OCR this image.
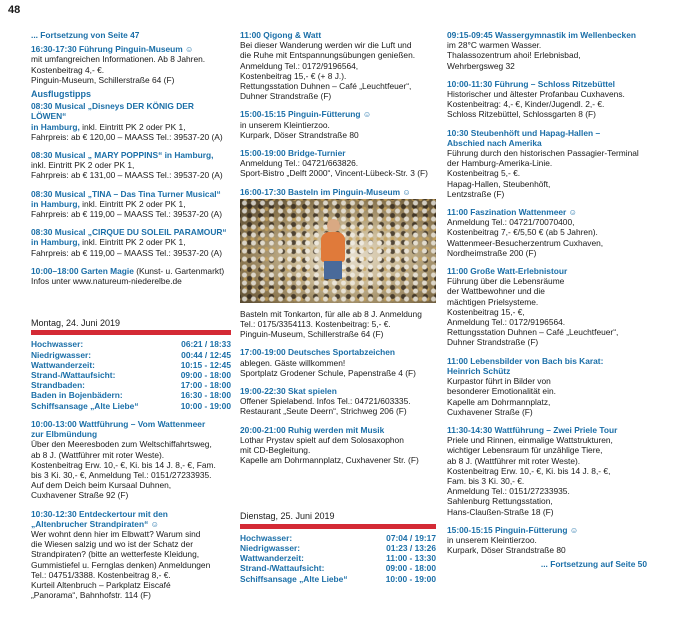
48
... Fortsetzung von Seite 47
16:30-17:30 Führung Pinguin-Museum ☺
mit umfangreichen Informationen. Ab 8 Jahren.
Kostenbeitrag 4,- €.
Pinguin-Museum, Schillerstraße 64 (F)
Ausflugstipps
08:30 Musical „Disneys DER KÖNIG DER LÖWEN“
in Hamburg, inkl. Eintritt PK 2 oder PK 1,
Fahrpreis: ab € 120,00 – MAASS Tel.: 39537-20 (A)
08:30 Musical „ MARY POPPINS“ in Hamburg,
inkl. Eintritt PK 2 oder PK 1,
Fahrpreis: ab € 131,00 – MAASS Tel.: 39537-20 (A)
08:30 Musical „TINA – Das Tina Turner Musical“
in Hamburg, inkl. Eintritt PK 2 oder PK 1,
Fahrpreis: ab € 119,00 – MAASS Tel.: 39537-20 (A)
08:30 Musical „CIRQUE DU SOLEIL PARAMOUR“
in Hamburg, inkl. Eintritt PK 2 oder PK 1,
Fahrpreis: ab € 119,00 – MAASS Tel.: 39537-20 (A)
10:00–18:00 Garten Magie (Kunst- u. Gartenmarkt)
Infos unter www.natureum-niederelbe.de
Montag, 24. Juni 2019
Hochwasser:	06:21 / 18:33
Niedrigwasser:	00:44 / 12:45
Wattwanderzeit:	10:15 - 12:45
Strand-/Wattaufsicht:	09:00 - 18:00
Strandbaden:	17:00 - 18:00
Baden in Bojenbädern:	16:30 - 18:00
Schiffsansage „Alte Liebe“	10:00 - 19:00
10:00-13:00 Wattführung – Vom Wattenmeer
zur Elbmündung
Über den Meeresboden zum Weltschiffahrtsweg,
ab 8 J. (Wattführer mit roter Weste).
Kostenbeitrag Erw. 10,- €, Ki. bis 14 J. 8,- €, Fam.
bis 3 Ki. 30,- €, Anmeldung Tel.: 0151/27233935.
Auf dem Deich beim Kursaal Duhnen,
Cuxhavener Straße 92 (F)
10:30-12:30 Entdeckertour mit den
„Altenbrucher Strandpiraten“ ☺
Wer wohnt denn hier im Elbwatt? Warum sind
die Wiesen salzig und wo ist der Schatz der
Strandpiraten? (bitte an wetterfeste Kleidung,
Gummistiefel u. Fernglas denken) Anmeldungen
Tel.: 04751/3388. Kostenbeitrag 8,- €.
Kurteil Altenbruch – Parkplatz Eiscafé
„Panorama“, Bahnhofstr. 114 (F)
11:00 Qigong & Watt
Bei dieser Wanderung werden wir die Luft und
die Ruhe mit Entspannungsübungen genießen.
Anmeldung Tel.: 0172/9196564,
Kostenbeitrag 15,- € (+ 8 J.).
Rettungsstation Duhnen – Café „Leuchtfeuer“,
Duhner Strandstraße (F)
15:00-15:15 Pinguin-Fütterung ☺
in unserem Kleintierzoo.
Kurpark, Döser Strandstraße 80
15:00-19:00 Bridge-Turnier
Anmeldung Tel.: 04721/663826.
Sport-Bistro „Delft 2000“, Vincent-Lübeck-Str. 3 (F)
16:00-17:30 Basteln im Pinguin-Museum ☺
Basteln mit Tonkarton, für alle ab 8 J. Anmeldung
Tel.: 0175/3354113. Kostenbeitrag: 5,- €.
Pinguin-Museum, Schillerstraße 64 (F)
17:00-19:00 Deutsches Sportabzeichen
ablegen. Gäste willkommen!
Sportplatz Grodener Schule, Papenstraße 4 (F)
19:00-22:30 Skat spielen
Offener Spielabend. Infos Tel.: 04721/603335.
Restaurant „Seute Deern“, Strichweg 206 (F)
20:00-21:00 Ruhig werden mit Musik
Lothar Prystav spielt auf dem Solosaxophon
mit CD-Begleitung.
Kapelle am Dohrmannplatz, Cuxhavener Str. (F)
Dienstag, 25. Juni 2019
Hochwasser:	07:04 / 19:17
Niedrigwasser:	01:23 / 13:26
Wattwanderzeit:	11:00 - 13:30
Strand-/Wattaufsicht:	09:00 - 18:00
Schiffsansage „Alte Liebe“	10:00 - 19:00
09:15-09:45 Wassergymnastik im Wellenbecken
im 28°C warmen Wasser.
Thalassozentrum ahoi! Erlebnisbad,
Wehrbergsweg 32
10:00-11:30 Führung – Schloss Ritzebüttel
Historischer und ältester Profanbau Cuxhavens.
Kostenbeitrag: 4,- €, Kinder/Jugendl. 2,- €.
Schloss Ritzebüttel, Schlossgarten 8 (F)
10:30 Steubenhöft und Hapag-Hallen –
Abschied nach Amerika
Führung durch den historischen Passagier-Terminal
der Hamburg-Amerika-Linie.
Kostenbeitrag 5,- €.
Hapag-Hallen, Steubenhöft,
Lentzstraße (F)
11:00 Faszination Wattenmeer ☺
Anmeldung Tel.: 04721/70070400,
Kostenbeitrag 7,- €/5,50 € (ab 5 Jahren).
Wattenmeer-Besucherzentrum Cuxhaven,
Nordheimstraße 200 (F)
11:00 Große Watt-Erlebnistour
Führung über die Lebensräume
der Wattbewohner und die
mächtigen Prielsysteme.
Kostenbeitrag 15,- €,
Anmeldung Tel.: 0172/9196564.
Rettungsstation Duhnen – Café „Leuchtfeuer“,
Duhner Strandstraße (F)
11:00 Lebensbilder von Bach bis Karat:
Heinrich Schütz
Kurpastor führt in Bilder von
besonderer Emotionalität ein.
Kapelle am Dohrmannplatz,
Cuxhavener Straße (F)
11:30-14:30 Wattführung – Zwei Priele Tour
Priele und Rinnen, einmalige Wattstrukturen,
wichtiger Lebensraum für unzählige Tiere,
ab 8 J. (Wattführer mit roter Weste).
Kostenbeitrag Erw. 10,- €, Ki. bis 14 J. 8,- €,
Fam. bis 3 Ki. 30,- €.
Anmeldung Tel.: 0151/27233935.
Sahlenburg Rettungsstation,
Hans-Claußen-Straße 18 (F)
15:00-15:15 Pinguin-Fütterung ☺
in unserem Kleintierzoo.
Kurpark, Döser Strandstraße 80
... Fortsetzung auf Seite 50
